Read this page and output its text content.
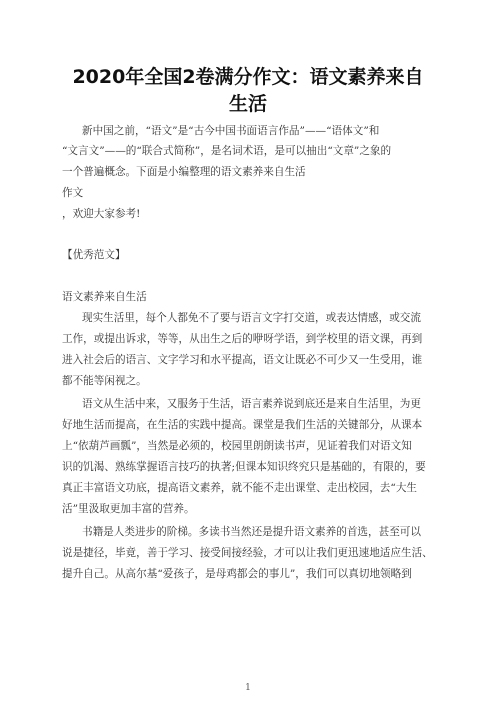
2020年全国2卷满分作文：语文素养来自
生活
新中国之前，“语文”是“古今中国书面语言作品”——“语体文”和
“文言文”——的“联合式简称”，是名词术语，是可以抽出“文章”之象的
一个普遍概念。下面是小编整理的语文素养来自生活
作文
，欢迎大家参考!
【优秀范文】
语文素养来自生活
现实生活里，每个人都免不了要与语言文字打交道，或表达情感，或交流
工作，或提出诉求，等等，从出生之后的咿呀学语，到学校里的语文课，再到
进入社会后的语言、文字学习和水平提高，语文让既必不可少又一生受用，谁
都不能等闲视之。
语文从生活中来，又服务于生活，语言素养说到底还是来自生活里，为更
好地生活而提高，在生活的实践中提高。课堂是我们生活的关键部分，从课本
上“依葫芦画瓢”，当然是必须的，校园里朗朗读书声，见证着我们对语文知
识的饥渴、熟练掌握语言技巧的执著;但课本知识终究只是基础的，有限的，要
真正丰富语文功底，提高语文素养，就不能不走出课堂、走出校园，去“大生
活”里汲取更加丰富的营养。
书籍是人类进步的阶梯。多读书当然还是提升语文素养的首选，甚至可以
说是捷径，毕竟，善于学习、接受间接经验，才可以让我们更迅速地适应生活、
提升自己。从高尔基“爱孩子，是母鸡都会的事儿”，我们可以真切地领略到
1
